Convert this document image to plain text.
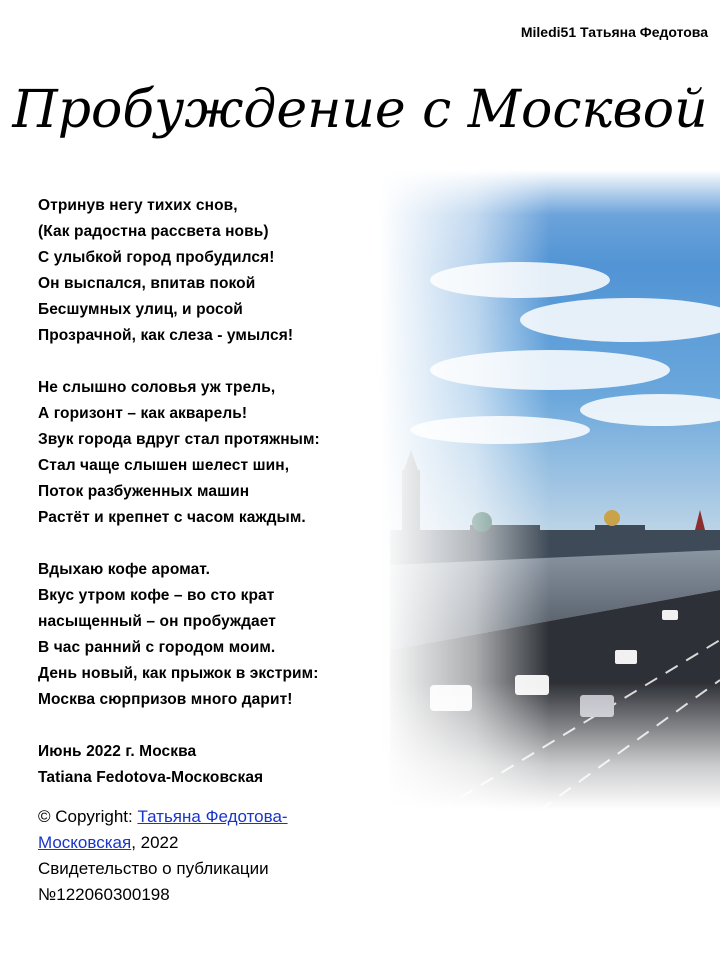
Miledi51 Татьяна Федотова
Пробуждение с Москвой
Отринув негу тихих снов,
(Как радостна рассвета новь)
С улыбкой город пробудился!
Он выспался, впитав покой
Бесшумных улиц, и росой
Прозрачной, как слеза - умылся!
Не слышно соловья уж трель,
А горизонт – как акварель!
Звук города вдруг стал протяжным:
Стал чаще слышен шелест шин,
Поток разбуженных машин
Растёт и крепнет с часом каждым.
Вдыхаю кофе аромат.
Вкус утром кофе – во сто крат
насыщенный – он пробуждает
В час ранний с городом моим.
День новый, как прыжок в экстрим:
Москва сюрпризов много дарит!
Июнь 2022 г. Москва
Tatiana Fedotova-Московская
© Copyright: Татьяна Федотова-Московская, 2022
Свидетельство о публикации
№122060300198
